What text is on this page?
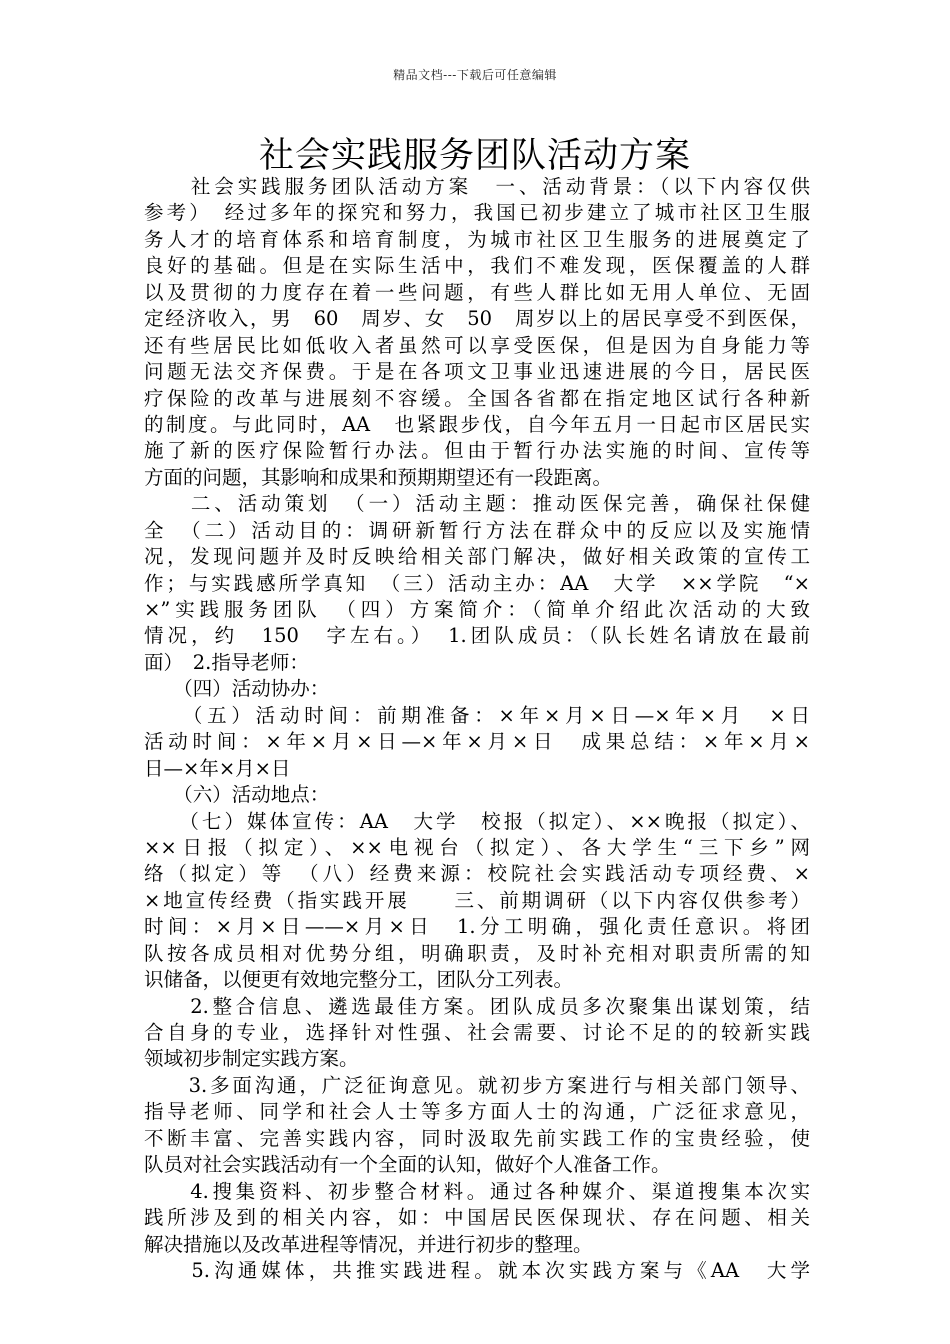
精品文档---下载后可任意编辑
社会实践服务团队活动方案
　　社会实践服务团队活动方案　一、活动背景：（以下内容仅供
参考）　经过多年的探究和努力，我国已初步建立了城市社区卫生服
务人才的培育体系和培育制度，为城市社区卫生服务的进展奠定了
良好的基础。但是在实际生活中，我们不难发现，医保覆盖的人群
以及贯彻的力度存在着一些问题，有些人群比如无用人单位、无固
定经济收入，男　60　周岁、女　50　周岁以上的居民享受不到医保，
还有些居民比如低收入者虽然可以享受医保，但是因为自身能力等
问题无法交齐保费。于是在各项文卫事业迅速进展的今日，居民医
疗保险的改革与进展刻不容缓。全国各省都在指定地区试行各种新
的制度。与此同时，AA　也紧跟步伐，自今年五月一日起市区居民实
施了新的医疗保险暂行办法。但由于暂行办法实施的时间、宣传等
方面的问题，其影响和成果和预期期望还有一段距离。
　　二、活动策划　（一）活动主题：推动医保完善，确保社保健
全　（二）活动目的：调研新暂行方法在群众中的反应以及实施情
况，发现问题并及时反映给相关部门解决，做好相关政策的宣传工
作；与实践感所学真知　（三）活动主办：AA　大学　××学院　“×
×”实践服务团队　（四）方案简介：（简单介绍此次活动的大致
情况，约　150　字左右。）　1.团队成员：（队长姓名请放在最前
面）　2.指导老师：
　　（四）活动协办：
　　（五）活动时间：前期准备：×年×月×日—×年×月　×日
活动时间：×年×月×日—×年×月×日　成果总结：×年×月×
日—×年×月×日
　　（六）活动地点：
　　（七）媒体宣传：AA　大学　校报（拟定）、××晚报（拟定）、
××日报（拟定）、××电视台（拟定）、各大学生“三下乡”网
络（拟定）等　（八）经费来源：校院社会实践活动专项经费、×
×地宣传经费（指实践开展　　三、前期调研（以下内容仅供参考）
时间：×月×日——×月×日　1.分工明确，强化责任意识。将团
队按各成员相对优势分组，明确职责，及时补充相对职责所需的知
识储备，以便更有效地完整分工，团队分工列表。
　　2.整合信息、遴选最佳方案。团队成员多次聚集出谋划策，结
合自身的专业，选择针对性强、社会需要、讨论不足的的较新实践
领域初步制定实践方案。
　　3.多面沟通，广泛征询意见。就初步方案进行与相关部门领导、
指导老师、同学和社会人士等多方面人士的沟通，广泛征求意见，
不断丰富、完善实践内容，同时汲取先前实践工作的宝贵经验，使
队员对社会实践活动有一个全面的认知，做好个人准备工作。
　　4.搜集资料、初步整合材料。通过各种媒介、渠道搜集本次实
践所涉及到的相关内容，如：中国居民医保现状、存在问题、相关
解决措施以及改革进程等情况，并进行初步的整理。
　　5.沟通媒体，共推实践进程。就本次实践方案与《AA　大学
